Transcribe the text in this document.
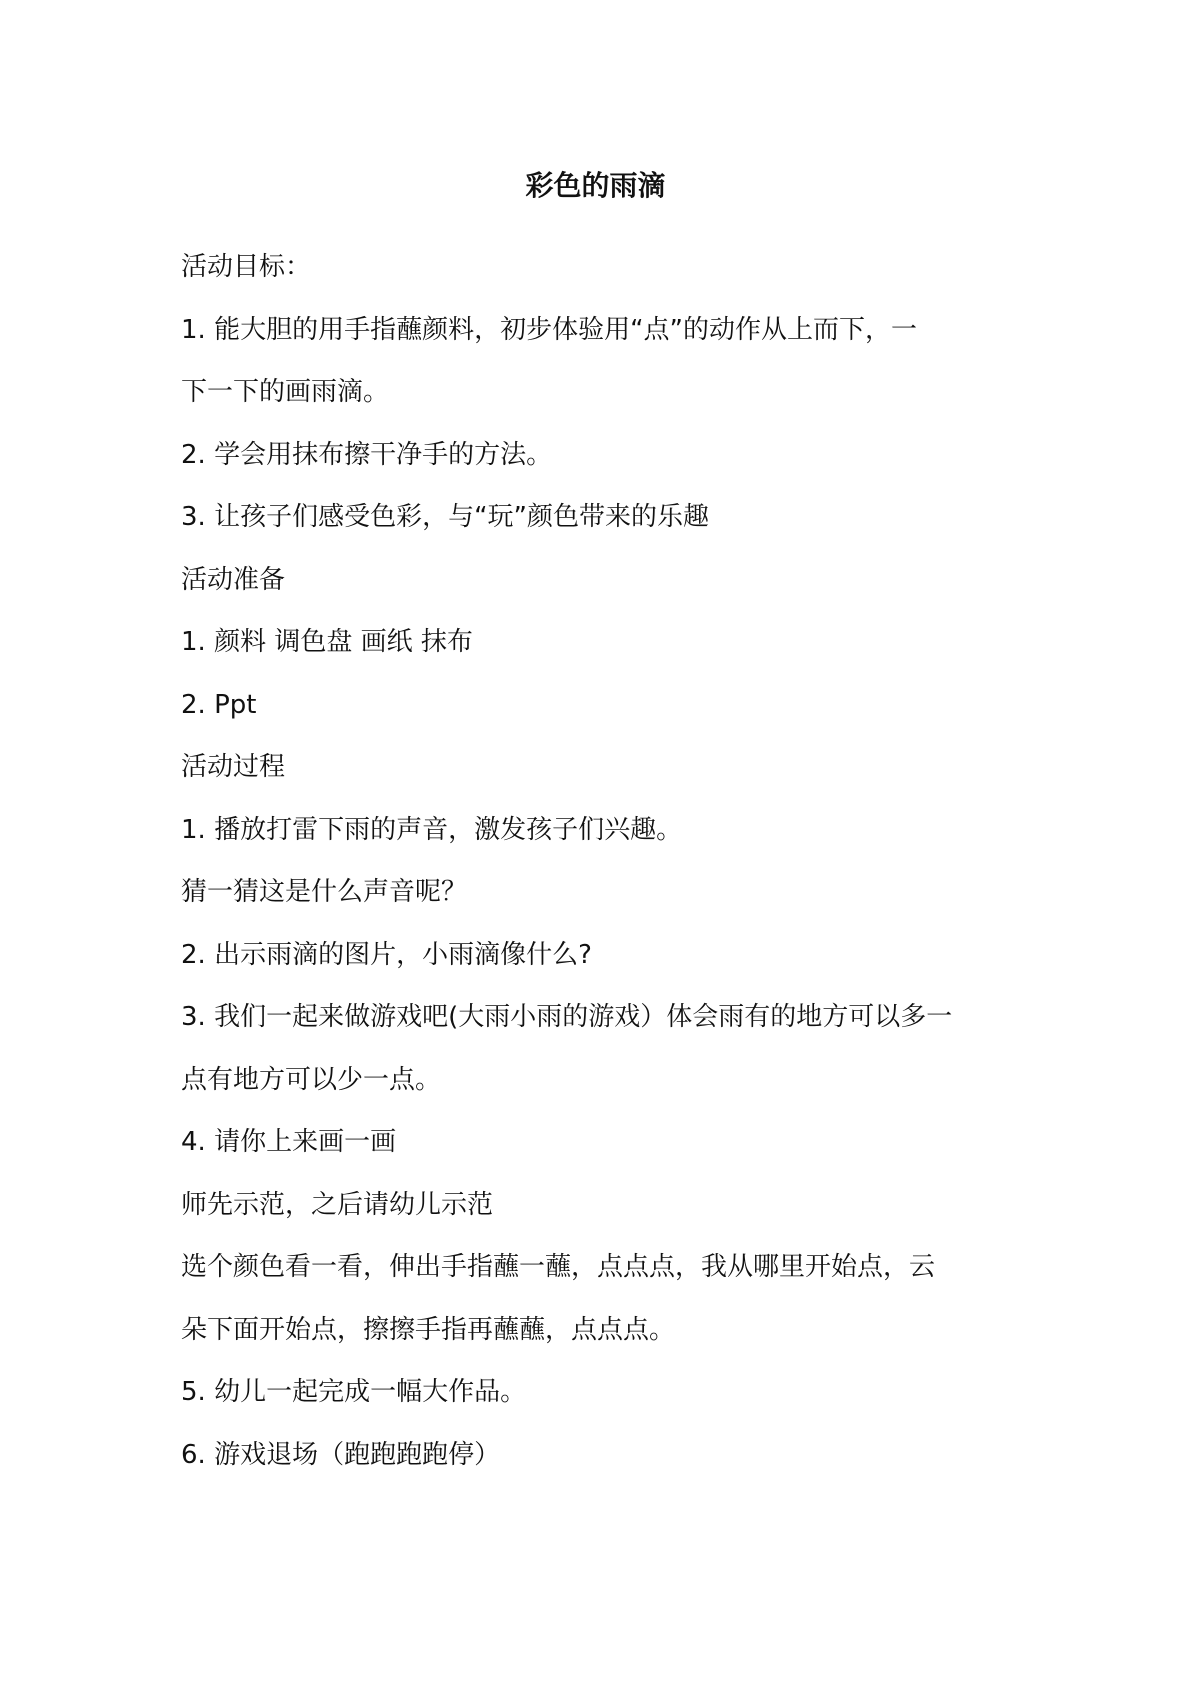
彩色的雨滴
活动目标：
1. 能大胆的用手指蘸颜料，初步体验用“点”的动作从上而下，一
下一下的画雨滴。
2. 学会用抹布擦干净手的方法。
3. 让孩子们感受色彩，与“玩”颜色带来的乐趣
活动准备
1. 颜料 调色盘 画纸 抹布
2. Ppt
活动过程
1. 播放打雷下雨的声音，激发孩子们兴趣。
猜一猜这是什么声音呢？
2. 出示雨滴的图片，小雨滴像什么?
3. 我们一起来做游戏吧(大雨小雨的游戏）体会雨有的地方可以多一
点有地方可以少一点。
4. 请你上来画一画
师先示范，之后请幼儿示范
选个颜色看一看，伸出手指蘸一蘸，点点点，我从哪里开始点，云
朵下面开始点，擦擦手指再蘸蘸，点点点。
5. 幼儿一起完成一幅大作品。
6. 游戏退场（跑跑跑跑停）
